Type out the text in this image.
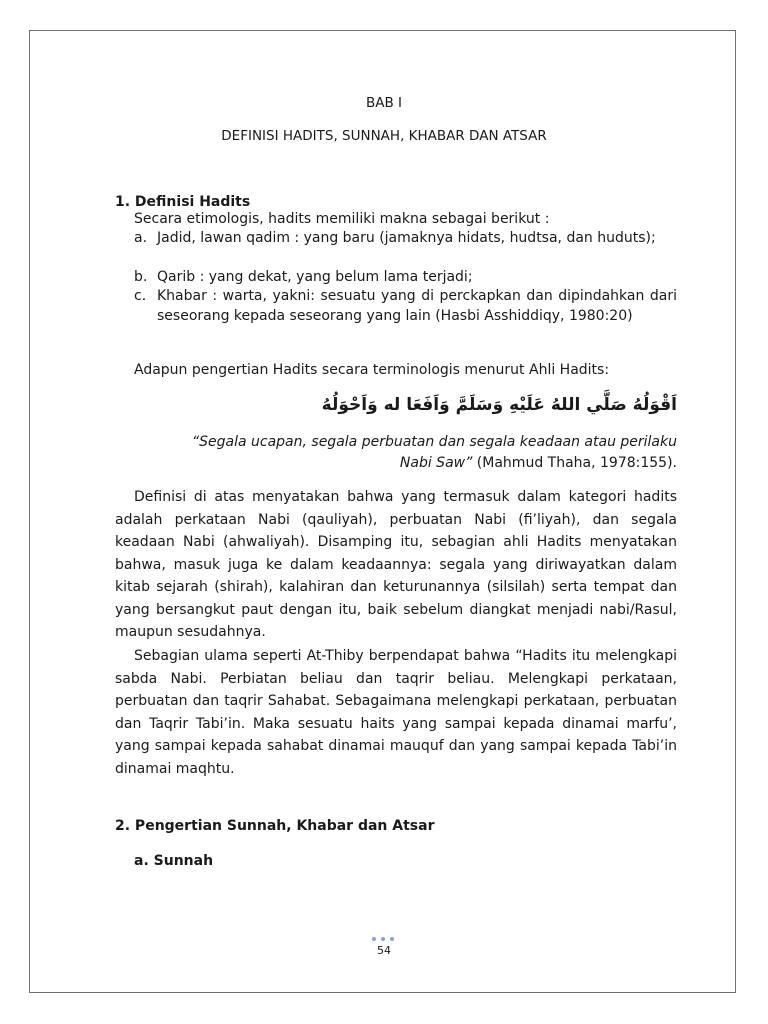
BAB I
DEFINISI HADITS, SUNNAH, KHABAR DAN ATSAR
1. Definisi Hadits
Secara etimologis, hadits memiliki makna sebagai berikut :
a. Jadid, lawan qadim : yang baru (jamaknya hidats, hudtsa, dan huduts);
b. Qarib : yang dekat, yang belum lama terjadi;
c. Khabar : warta, yakni: sesuatu yang di perckapkan dan dipindahkan dari seseorang kepada seseorang yang lain (Hasbi Asshiddiqy, 1980:20)
Adapun pengertian Hadits secara terminologis menurut Ahli Hadits:
اَقْوَلُهُ صَلَّي اللهُ عَلَيْهِ وَسَلَمَّ وَاَفَعَا له وَاَحْوَلُهُ
“Segala ucapan, segala perbuatan dan segala keadaan atau perilaku
Nabi Saw” (Mahmud Thaha, 1978:155).
Definisi di atas menyatakan bahwa yang termasuk dalam kategori hadits adalah perkataan Nabi (qauliyah), perbuatan Nabi (fi’liyah), dan segala keadaan Nabi (ahwaliyah). Disamping itu, sebagian ahli Hadits menyatakan bahwa, masuk juga ke dalam keadaannya: segala yang diriwayatkan dalam kitab sejarah (shirah), kalahiran dan keturunannya (silsilah) serta tempat dan yang bersangkut paut dengan itu, baik sebelum diangkat menjadi nabi/Rasul, maupun sesudahnya.
Sebagian ulama seperti At-Thiby berpendapat bahwa “Hadits itu melengkapi sabda Nabi. Perbiatan beliau dan taqrir beliau. Melengkapi perkataan, perbuatan dan taqrir Sahabat. Sebagaimana melengkapi perkataan, perbuatan dan Taqrir Tabi’in. Maka sesuatu haits yang sampai kepada dinamai marfu’, yang sampai kepada sahabat dinamai mauquf dan yang sampai kepada Tabi’in dinamai maqhtu.
2. Pengertian Sunnah, Khabar dan Atsar
a. Sunnah
54
